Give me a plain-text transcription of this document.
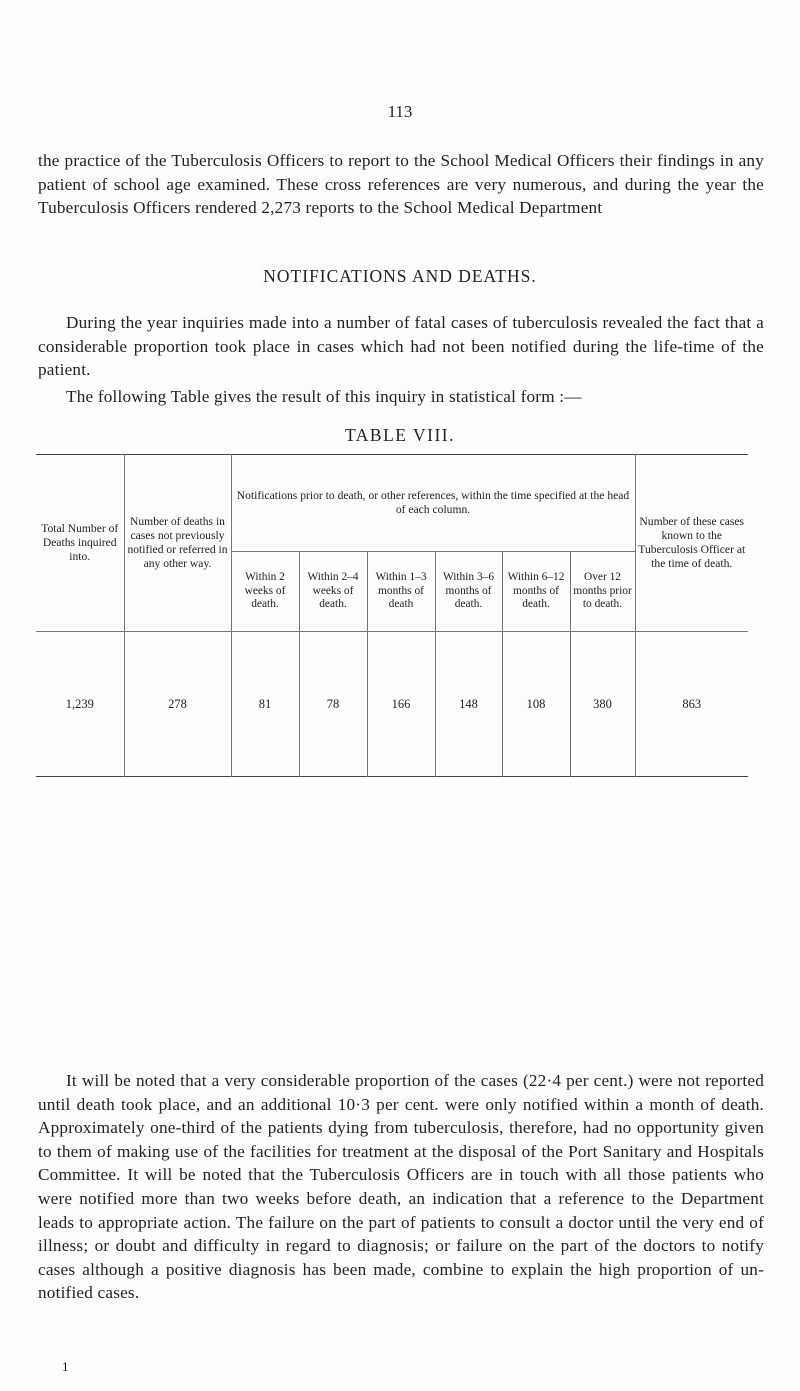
113

the practice of the Tuberculosis Officers to report to the School Medical Officers their findings in any patient of school age examined. These cross references are very numerous, and during the year the Tuberculosis Officers rendered 2,273 reports to the School Medical Department

NOTIFICATIONS AND DEATHS.

During the year inquiries made into a number of fatal cases of tuberculosis revealed the fact that a considerable proportion took place in cases which had not been notified during the life-time of the patient.

The following Table gives the result of this inquiry in statistical form :—

TABLE VIII.
Total Number of Deaths inquired into.	Number of deaths in cases not previously notified or referred in any other way.	Notifications prior to death, or other references, within the time specified at the head of each column.						Number of these cases known to the Tuberculosis Officer at the time of death.
		Within 2 weeks of death.	Within 2–4 weeks of death.	Within 1–3 months of death	Within 3–6 months of death.	Within 6–12 months of death.	Over 12 months prior to death.	
1,239	278	81	78	166	148	108	380	863

It will be noted that a very considerable proportion of the cases (22·4 per cent.) were not reported until death took place, and an additional 10·3 per cent. were only notified within a month of death. Approximately one-third of the patients dying from tuberculosis, therefore, had no opportunity given to them of making use of the facilities for treatment at the disposal of the Port Sanitary and Hospitals Committee. It will be noted that the Tuberculosis Officers are in touch with all those patients who were notified more than two weeks before death, an indication that a reference to the Department leads to appropriate action. The failure on the part of patients to consult a doctor until the very end of illness; or doubt and difficulty in regard to diagnosis; or failure on the part of the doctors to notify cases although a positive diagnosis has been made, combine to explain the high proportion of un-notified cases.

1
